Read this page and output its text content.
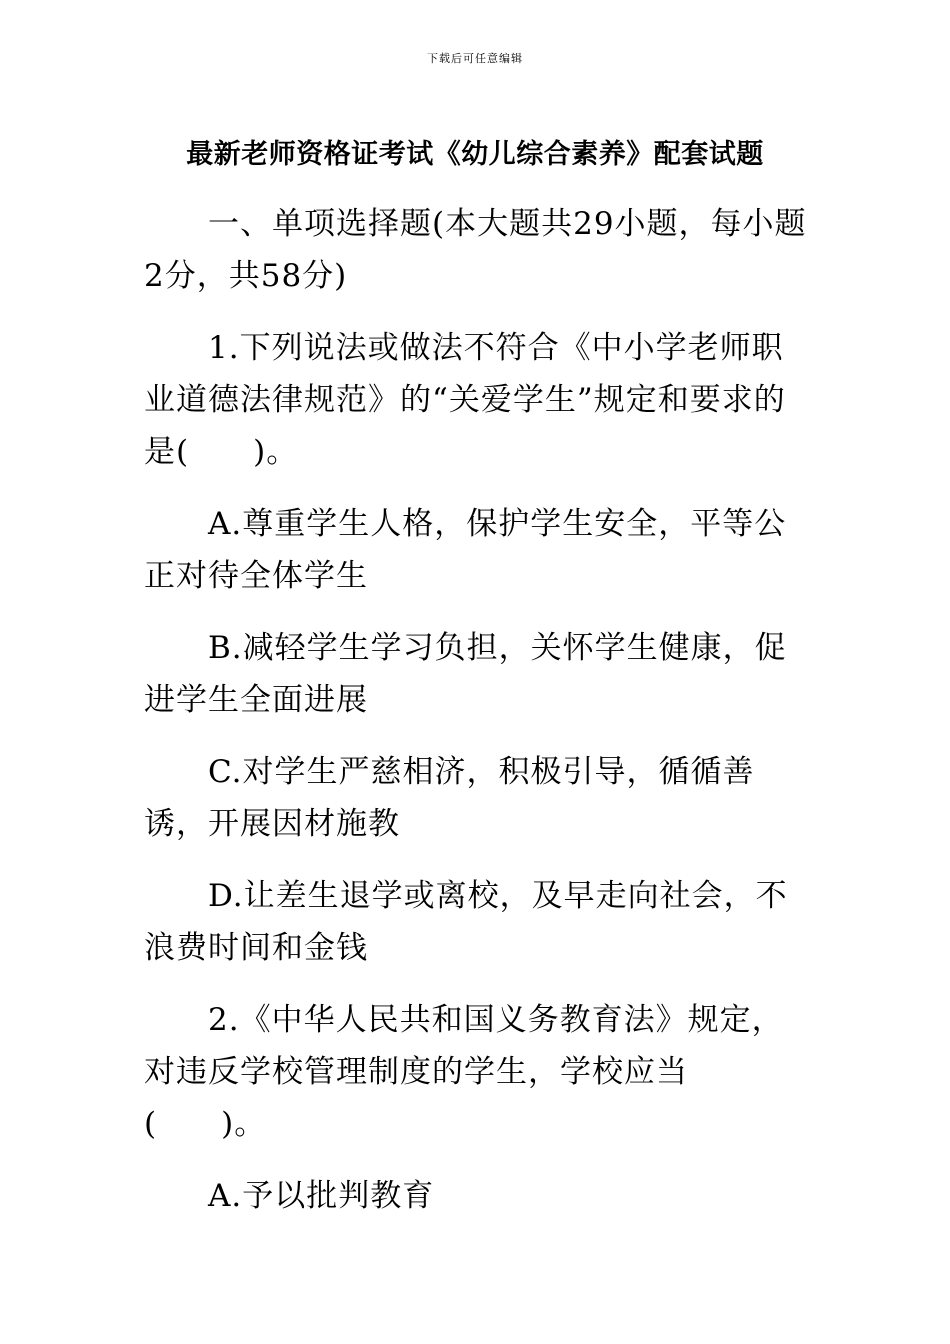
下载后可任意编辑
最新老师资格证考试《幼儿综合素养》配套试题

一、单项选择题(本大题共29小题，每小题2分，共58分)

1.下列说法或做法不符合《中小学老师职业道德法律规范》的“关爱学生”规定和要求的是(　　)。

A.尊重学生人格，保护学生安全，平等公正对待全体学生

B.减轻学生学习负担，关怀学生健康，促进学生全面进展

C.对学生严慈相济，积极引导，循循善诱，开展因材施教

D.让差生退学或离校，及早走向社会，不浪费时间和金钱

2.《中华人民共和国义务教育法》规定，对违反学校管理制度的学生，学校应当(　　)。

A.予以批判教育
